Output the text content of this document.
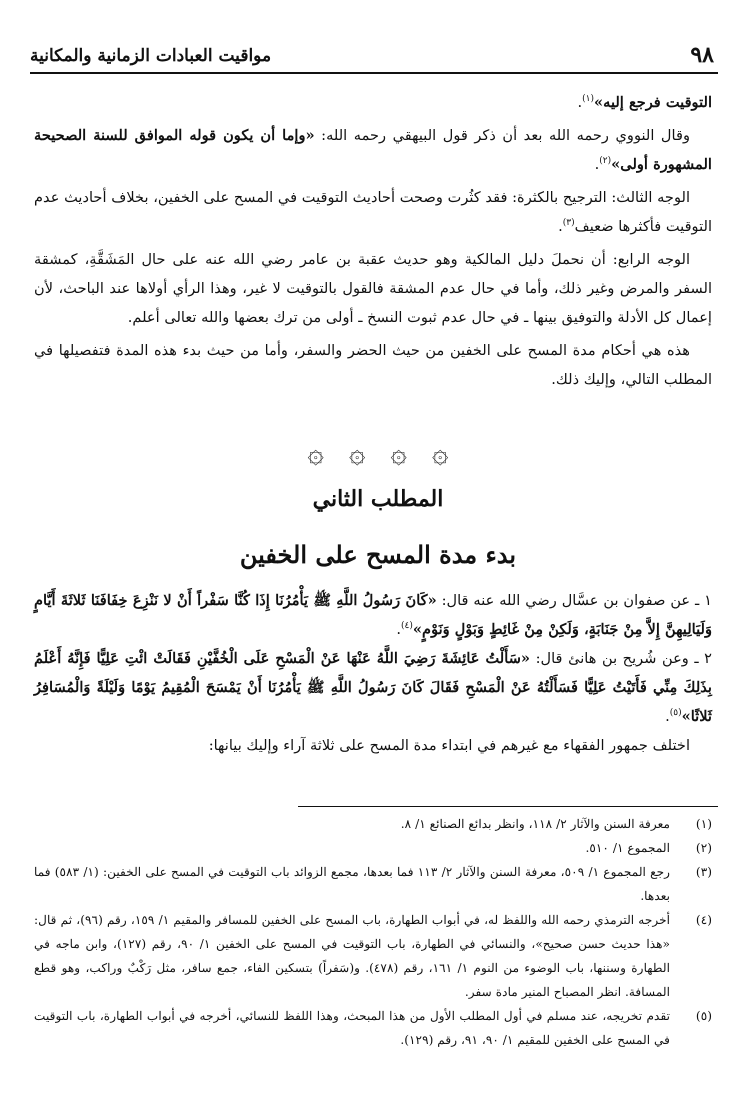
٩٨
مواقيت العبادات الزمانية والمكانية

التوقيت فرجع إليه»$^{(١)}$.

وقال النووي رحمه الله بعد أن ذكر قول البيهقي رحمه الله: «وإما أن يكون قوله الموافق للسنة الصحيحة المشهورة أولى»$^{(٢)}$.

الوجه الثالث: الترجيح بالكثرة: فقد كثُرت وصحت أحاديث التوقيت في المسح على الخفين، بخلاف أحاديث عدم التوقيت فأكثرها ضعيف$^{(٣)}$.

الوجه الرابع: أن نحملَ دليل المالكية وهو حديث عقبة بن عامر رضي الله عنه على حال المَشَقَّةِ، كمشقة السفر والمرض وغير ذلك، وأما في حال عدم المشقة فالقول بالتوقيت لا غير، وهذا الرأي أولاها عند الباحث، لأن إعمال كل الأدلة والتوفيق بينها ـ في حال عدم ثبوت النسخ ـ أولى من ترك بعضها والله تعالى أعلم.

هذه هي أحكام مدة المسح على الخفين من حيث الحضر والسفر، وأما من حيث بدء هذه المدة فتفصيلها في المطلب التالي، وإليك ذلك.

۞ ۞ ۞ ۞
المطلب الثاني
بدء مدة المسح على الخفين

١ ـ عن صفوان بن عسَّال رضي الله عنه قال: «كَانَ رَسُولُ اللَّهِ ﷺ يَأْمُرُنَا إِذَا كُنَّا سَفْراً أَنْ لا نَنْزِعَ خِفَافَنَا ثَلاثَةَ أَيَّامٍ وَلَيَالِيهِنَّ إِلاَّ مِنْ جَنَابَةٍ، وَلَكِنْ مِنْ غَائِطٍ وَبَوْلٍ وَنَوْمٍ»$^{(٤)}$.

٢ ـ وعن شُريح بن هانئ قال: «سَأَلْتُ عَائِشَةَ رَضِيَ اللَّهُ عَنْهَا عَنْ الْمَسْحِ عَلَى الْخُفَّيْنِ فَقَالَتْ ائْتِ عَلِيًّا فَإِنَّهُ أَعْلَمُ بِذَلِكَ مِنِّي فَأَتَيْتُ عَلِيًّا فَسَأَلْتُهُ عَنْ الْمَسْحِ فَقَالَ كَانَ رَسُولُ اللَّهِ ﷺ يَأْمُرُنَا أَنْ يَمْسَحَ الْمُقِيمُ يَوْمًا وَلَيْلَةً وَالْمُسَافِرُ ثَلاثًا»$^{(٥)}$.

اختلف جمهور الفقهاء مع غيرهم في ابتداء مدة المسح على ثلاثة آراء وإليك بيانها:

(١)
معرفة السنن والآثار ٢/ ١١٨، وانظر بدائع الصنائع ١/ ٨.
(٢)
المجموع ١/ ٥١٠.
(٣)
رجع المجموع ١/ ٥٠٩، معرفة السنن والآثار ٢/ ١١٣ فما بعدها، مجمع الزوائد باب التوقيت في المسح على الخفين: (١/ ٥٨٣) فما بعدها.
(٤)
أخرجه الترمذي رحمه الله واللفظ له، في أبواب الطهارة، باب المسح على الخفين للمسافر والمقيم ١/ ١٥٩، رقم (٩٦)، ثم قال: «هذا حديث حسن صحيح»، والنسائي في الطهارة، باب التوقيت في المسح على الخفين ١/ ٩٠، رقم (١٢٧)، وابن ماجه في الطهارة وسننها، باب الوضوء من النوم ١/ ١٦١، رقم (٤٧٨). و(سَفراً) بتسكين الفاء، جمع سافر، مثل رَكْبٌ وراكب، وهو قطع المسافة. انظر المصباح المنير مادة سفر.
(٥)
تقدم تخريجه، عند مسلم في أول المطلب الأول من هذا المبحث، وهذا اللفظ للنسائي، أخرجه في أبواب الطهارة، باب التوقيت في المسح على الخفين للمقيم ١/ ٩٠، ٩١، رقم (١٢٩).
